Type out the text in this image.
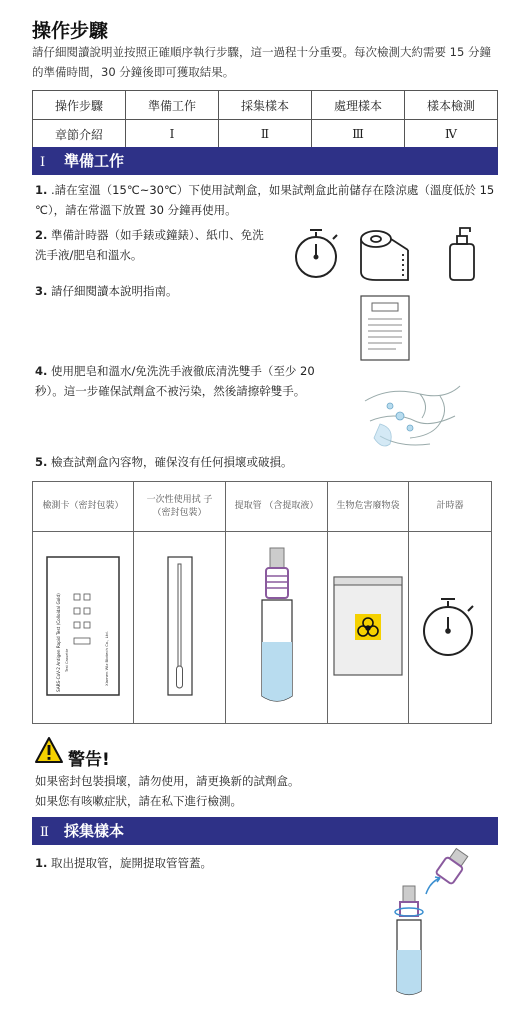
操作步驟
請仔細閱讀說明並按照正確順序執行步驟，這一過程十分重要。每次檢測大約需要 15 分鐘的準備時間，30 分鐘後即可獲取結果。
操作步驟	準備工作	採集樣本	處理樣本	樣本檢測
章節介紹	Ⅰ	Ⅱ	Ⅲ	Ⅳ
Ⅰ 準備工作
1. .請在室溫（15℃~30℃）下使用試劑盒，如果試劑盒此前儲存在陰涼處（溫度低於 15 ℃），請在常溫下放置 30 分鐘再使用。
2. 準備計時器（如手錶或鐘錶）、紙巾、免洗洗手液/肥皂和溫水。
3. 請仔細閱讀本說明指南。
4. 使用肥皂和溫水/免洗洗手液徹底清洗雙手（至少 20 秒）。這一步確保試劑盒不被污染，然後請擦幹雙手。
5. 檢查試劑盒內容物，確保沒有任何損壞或破損。
檢測卡（密封包裝）	一次性使用拭 子（密封包裝）	提取管 （含提取液）	生物危害廢物袋	計時器

SARS-CoV-2 Antigen Rapid Test (Colloidal Gold) Test Cassette Xiamen Wiz Biotech Co., Ltd.

警告!
如果密封包裝損壞，請勿使用，請更換新的試劑盒。
如果您有咳嗽症狀，請在私下進行檢測。
Ⅱ 採集樣本
1. 取出提取管，旋開提取管管蓋。
